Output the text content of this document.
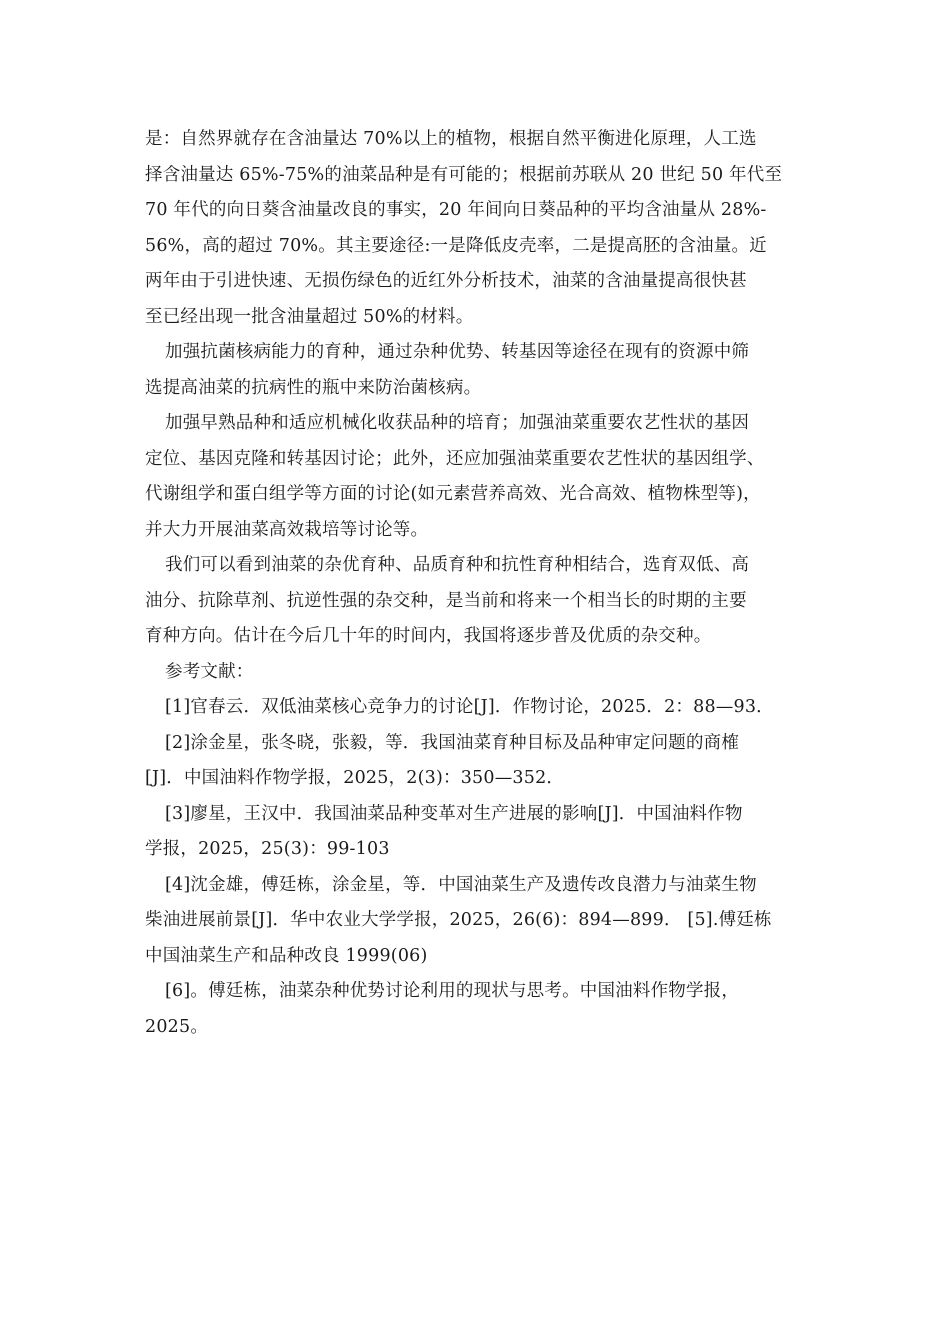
是：自然界就存在含油量达 70%以上的植物，根据自然平衡进化原理，人工选
择含油量达 65%-75%的油菜品种是有可能的；根据前苏联从 20 世纪 50 年代至
70 年代的向日葵含油量改良的事实，20 年间向日葵品种的平均含油量从 28%-
56%，高的超过 70%。其主要途径:一是降低皮壳率，二是提高胚的含油量。近
两年由于引进快速、无损伤绿色的近红外分析技术，油菜的含油量提高很快甚
至已经出现一批含油量超过 50%的材料。
加强抗菌核病能力的育种，通过杂种优势、转基因等途径在现有的资源中筛
选提高油菜的抗病性的瓶中来防治菌核病。
加强早熟品种和适应机械化收获品种的培育；加强油菜重要农艺性状的基因
定位、基因克隆和转基因讨论；此外，还应加强油菜重要农艺性状的基因组学、
代谢组学和蛋白组学等方面的讨论(如元素营养高效、光合高效、植物株型等)，
并大力开展油菜高效栽培等讨论等。
我们可以看到油菜的杂优育种、品质育种和抗性育种相结合，选育双低、高
油分、抗除草剂、抗逆性强的杂交种，是当前和将来一个相当长的时期的主要
育种方向。估计在今后几十年的时间内，我国将逐步普及优质的杂交种。
参考文献：
[1]官春云．双低油菜核心竞争力的讨论[J]．作物讨论，2025．2：88—93．
[2]涂金星，张冬晓，张毅，等．我国油菜育种目标及品种审定问题的商榷
[J]．中国油料作物学报，2025，2(3)：350—352．
[3]廖星，王汉中．我国油菜品种变革对生产进展的影响[J]．中国油料作物
学报，2025，25(3)：99-103
[4]沈金雄，傅廷栋，涂金星，等．中国油菜生产及遗传改良潜力与油菜生物
柴油进展前景[J]．华中农业大学学报，2025，26(6)：894—899． [5].傅廷栋
中国油菜生产和品种改良 1999(06)
[6]。傅廷栋，油菜杂种优势讨论利用的现状与思考。中国油料作物学报，
2025。
